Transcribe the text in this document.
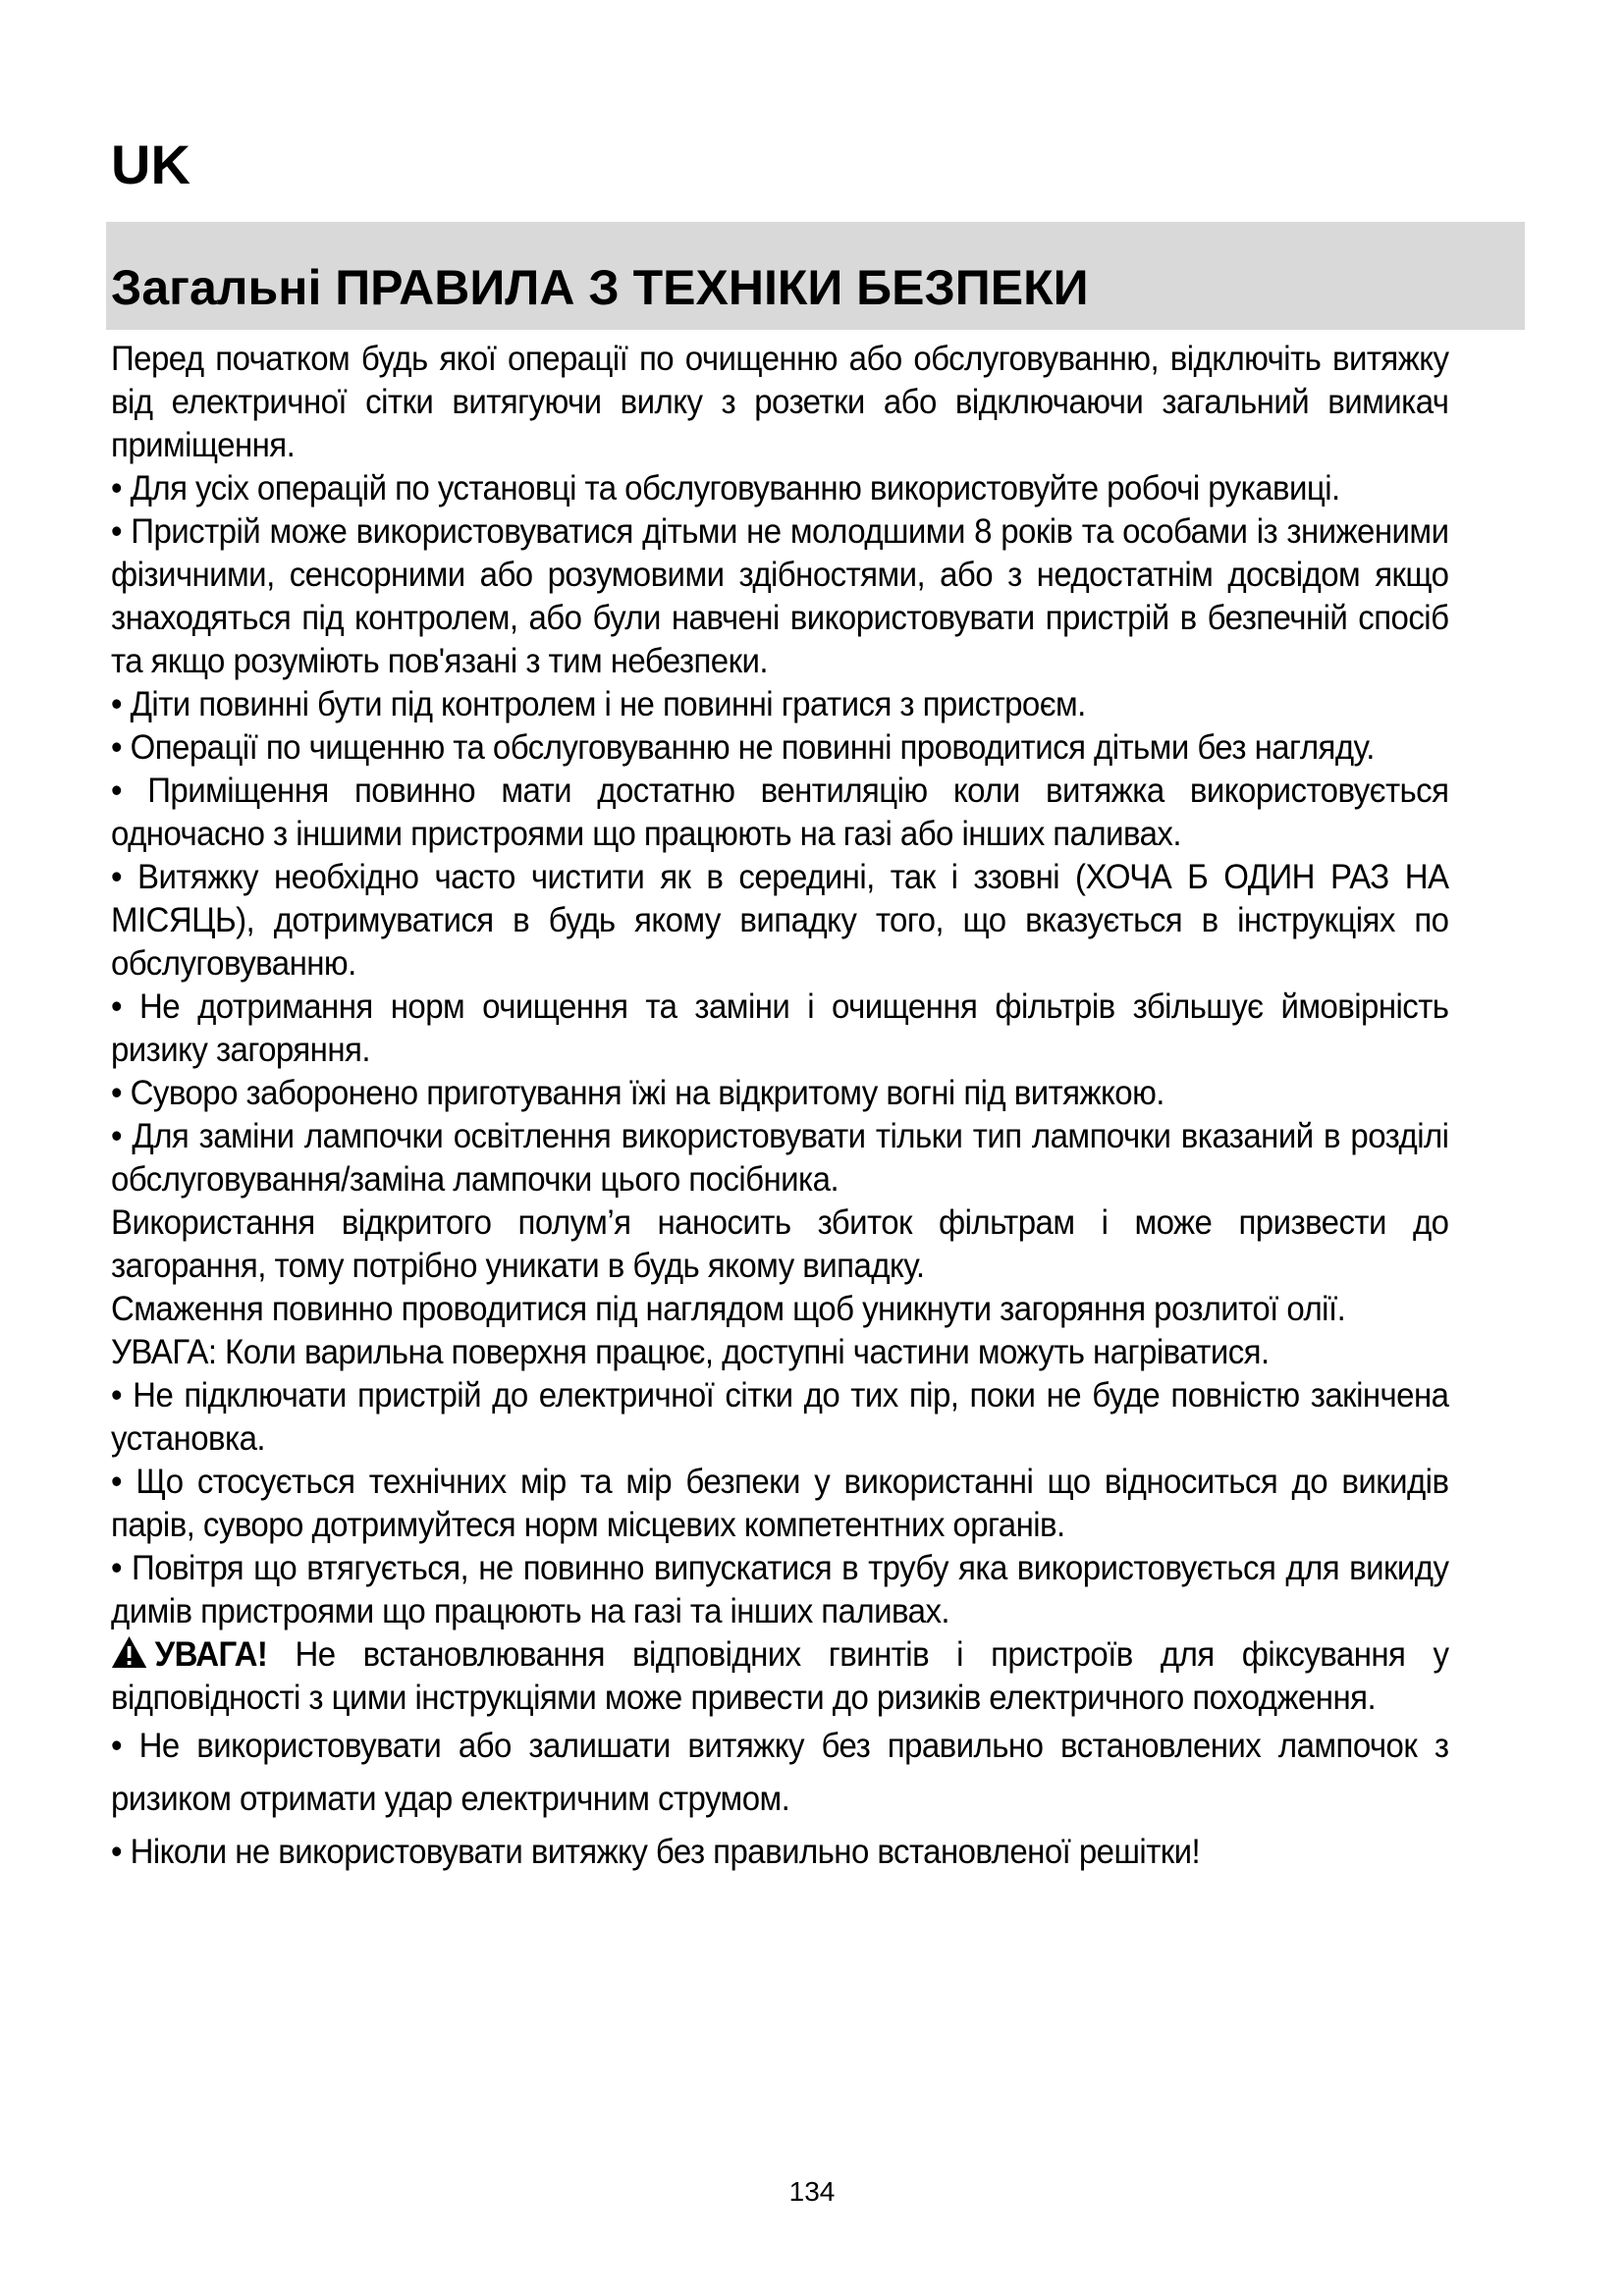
UK
Загальні ПРАВИЛА З ТЕХНІКИ БЕЗПЕКИ

Перед початком будь якої операції по очищенню або обслуговуванню, відключіть витяжку від електричної сітки витягуючи вилку з розетки або відключаючи загальний вимикач приміщення.

• Для усіх операцій по установці та обслуговуванню використовуйте робочі рукавиці.

• Пристрій може використовуватися дітьми не молодшими 8 років та особами із зниженими фізичними, сенсорними або розумовими здібностями, або з недостатнім досвідом якщо знаходяться під контролем, або були навчені використовувати пристрій в безпечній спосіб та якщо розуміють пов'язані з тим небезпеки.

• Діти повинні бути під контролем і не повинні гратися з пристроєм.

• Операції по чищенню та обслуговуванню не повинні проводитися дітьми без нагляду.

• Приміщення повинно мати достатню вентиляцію коли витяжка використовується одночасно з іншими пристроями що працюють на газі або інших паливах.

• Витяжку необхідно часто чистити як в середині, так і ззовні (ХОЧА Б ОДИН РАЗ НА МІСЯЦЬ), дотримуватися в будь якому випадку того, що вказується в інструкціях по обслуговуванню.

• Не дотримання норм очищення та заміни і очищення фільтрів збільшує ймовірність ризику загоряння.

• Суворо заборонено приготування їжі на відкритому вогні під витяжкою.

• Для заміни лампочки освітлення використовувати тільки тип лампочки вказаний в розділі обслуговування/заміна лампочки цього посібника.

Використання відкритого полум’я наносить збиток фільтрам і може призвести до загорання, тому потрібно уникати в будь якому випадку.

Смаження повинно проводитися під наглядом щоб уникнути загоряння розлитої олії.

УВАГА: Коли варильна поверхня працює, доступні частини можуть нагріватися.

• Не підключати пристрій до електричної сітки до тих пір, поки не буде повністю закінчена установка.

• Що стосується технічних мір та мір безпеки у використанні що відноситься до викидів парів, суворо дотримуйтеся норм місцевих компетентних органів.

• Повітря що втягується, не повинно випускатися в трубу яка використовується для викиду димів пристроями що працюють на газі та інших паливах.

УВАГА! Не встановлювання відповідних гвинтів і пристроїв для фіксування у відповідності з цими інструкціями може привести до ризиків електричного походження.

• Не використовувати або залишати витяжку без правильно встановлених лампочок з ризиком отримати удар електричним струмом.

• Ніколи не використовувати витяжку без правильно встановленої решітки!

134
